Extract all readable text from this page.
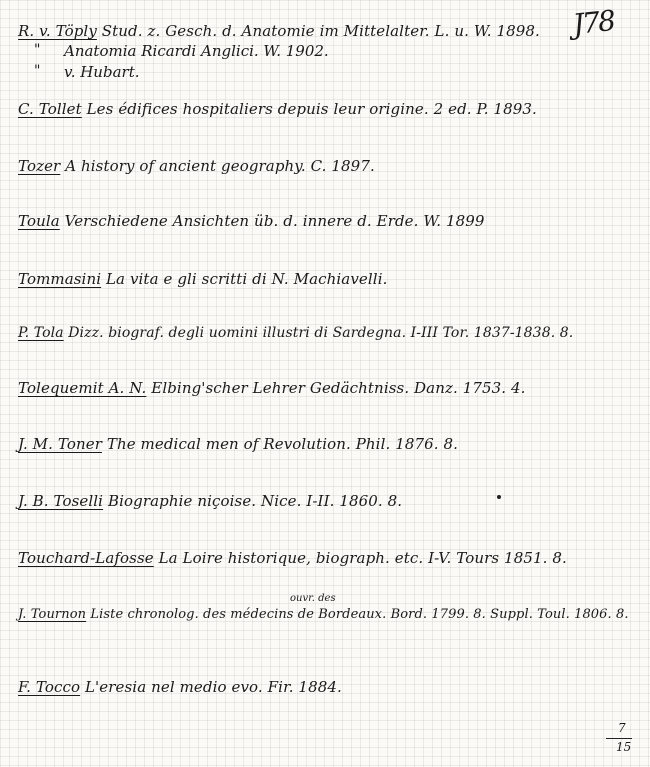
J78
R. v. Töply Stud. z. Gesch. d. Anatomie im Mittelalter. L. u. W. 1898.
" Anatomia Ricardi Anglici. W. 1902.
" v. Hubart.
C. Tollet Les édifices hospitaliers depuis leur origine. 2 ed. P. 1893.
Tozer A history of ancient geography. C. 1897.
Toula Verschiedene Ansichten üb. d. innere d. Erde. W. 1899
Tommasini La vita e gli scritti di N. Machiavelli.
P. Tola Dizz. biograf. degli uomini illustri di Sardegna. I-III Tor. 1837-1838. 8.
Tolequemit A. N. Elbing'scher Lehrer Gedächtniss. Danz. 1753. 4.
J. M. Toner The medical men of Revolution. Phil. 1876. 8.
J. B. Toselli Biographie niçoise. Nice. I-II. 1860. 8.
Touchard-Lafosse La Loire historique, biograph. etc. I-V. Tours 1851. 8.
ouvr. des
J. Tournon Liste chronolog. des médecins de Bordeaux. Bord. 1799. 8. Suppl. Toul. 1806. 8.
F. Tocco L'eresia nel medio evo. Fir. 1884.
7
15
